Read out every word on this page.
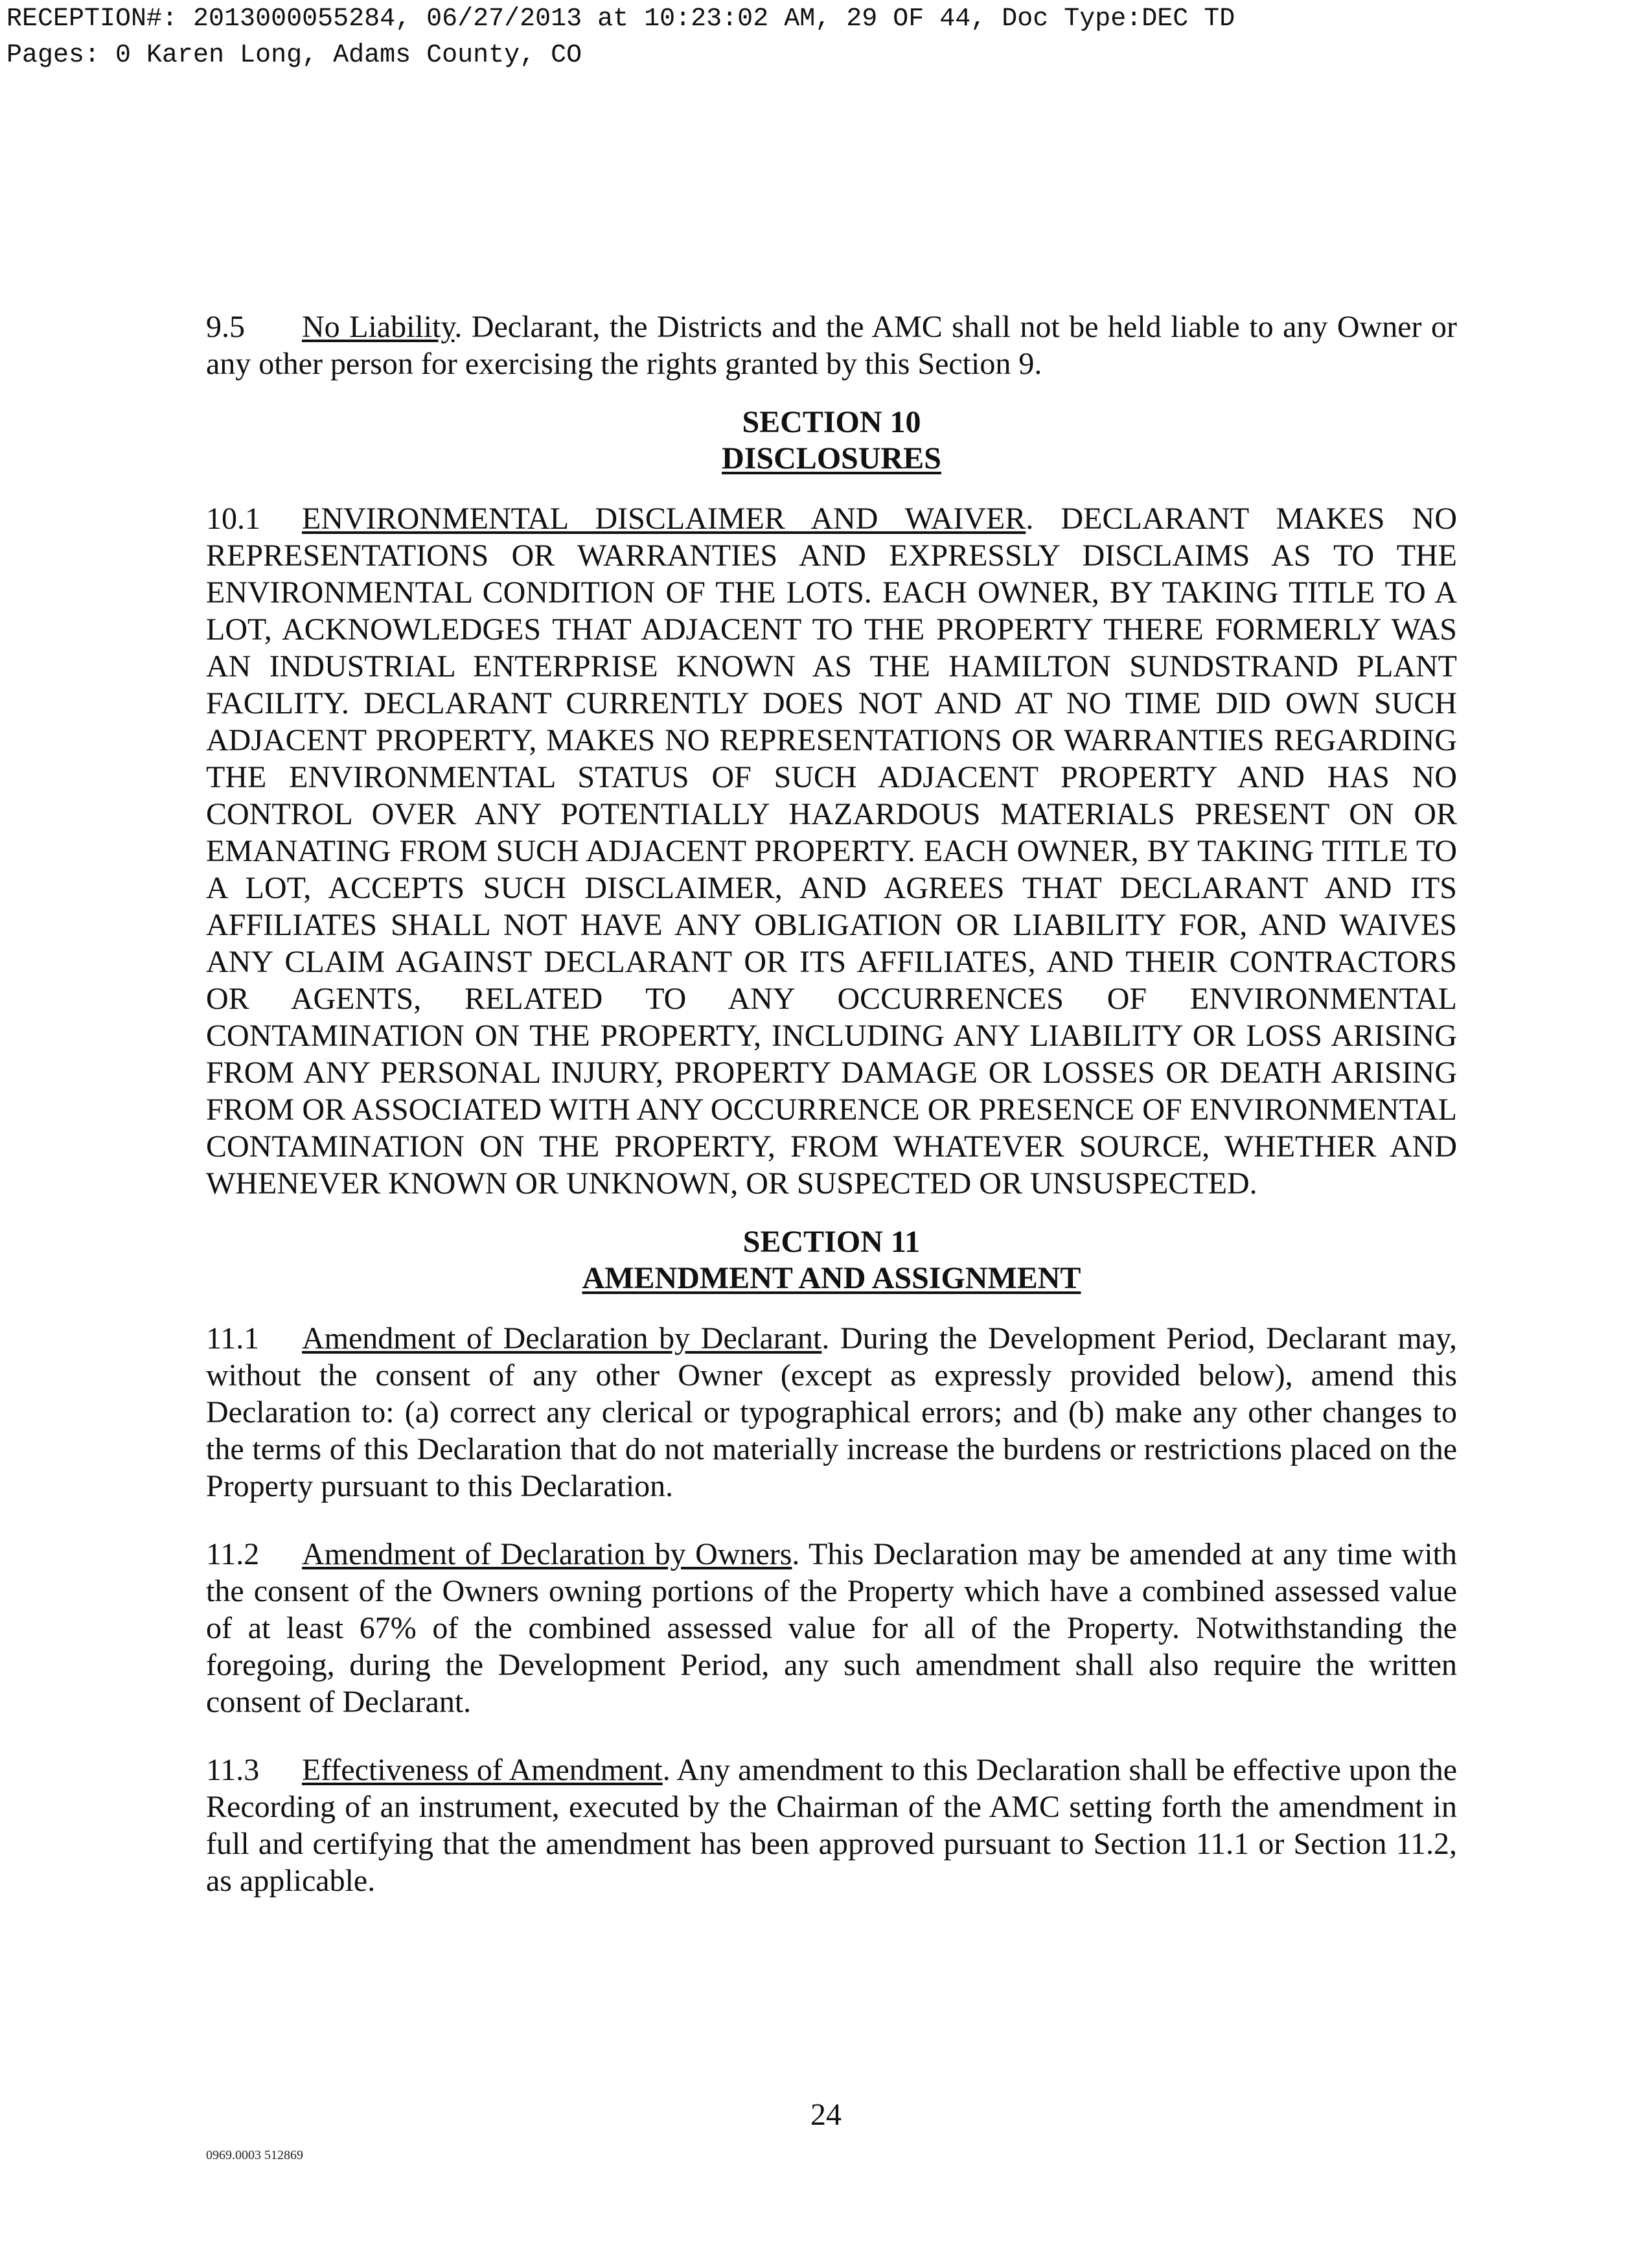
RECEPTION#: 2013000055284, 06/27/2013 at 10:23:02 AM, 29 OF 44, Doc Type:DEC TD
Pages: 0 Karen Long, Adams County, CO

9.5 No Liability. Declarant, the Districts and the AMC shall not be held liable to any Owner or any other person for exercising the rights granted by this Section 9.

SECTION 10

DISCLOSURES

10.1 ENVIRONMENTAL DISCLAIMER AND WAIVER. DECLARANT MAKES NO REPRESENTATIONS OR WARRANTIES AND EXPRESSLY DISCLAIMS AS TO THE ENVIRONMENTAL CONDITION OF THE LOTS. EACH OWNER, BY TAKING TITLE TO A LOT, ACKNOWLEDGES THAT ADJACENT TO THE PROPERTY THERE FORMERLY WAS AN INDUSTRIAL ENTERPRISE KNOWN AS THE HAMILTON SUNDSTRAND PLANT FACILITY. DECLARANT CURRENTLY DOES NOT AND AT NO TIME DID OWN SUCH ADJACENT PROPERTY, MAKES NO REPRESENTATIONS OR WARRANTIES REGARDING THE ENVIRONMENTAL STATUS OF SUCH ADJACENT PROPERTY AND HAS NO CONTROL OVER ANY POTENTIALLY HAZARDOUS MATERIALS PRESENT ON OR EMANATING FROM SUCH ADJACENT PROPERTY. EACH OWNER, BY TAKING TITLE TO A LOT, ACCEPTS SUCH DISCLAIMER, AND AGREES THAT DECLARANT AND ITS AFFILIATES SHALL NOT HAVE ANY OBLIGATION OR LIABILITY FOR, AND WAIVES ANY CLAIM AGAINST DECLARANT OR ITS AFFILIATES, AND THEIR CONTRACTORS OR AGENTS, RELATED TO ANY OCCURRENCES OF ENVIRONMENTAL CONTAMINATION ON THE PROPERTY, INCLUDING ANY LIABILITY OR LOSS ARISING FROM ANY PERSONAL INJURY, PROPERTY DAMAGE OR LOSSES OR DEATH ARISING FROM OR ASSOCIATED WITH ANY OCCURRENCE OR PRESENCE OF ENVIRONMENTAL CONTAMINATION ON THE PROPERTY, FROM WHATEVER SOURCE, WHETHER AND WHENEVER KNOWN OR UNKNOWN, OR SUSPECTED OR UNSUSPECTED.

SECTION 11

AMENDMENT AND ASSIGNMENT

11.1 Amendment of Declaration by Declarant. During the Development Period, Declarant may, without the consent of any other Owner (except as expressly provided below), amend this Declaration to: (a) correct any clerical or typographical errors; and (b) make any other changes to the terms of this Declaration that do not materially increase the burdens or restrictions placed on the Property pursuant to this Declaration.

11.2 Amendment of Declaration by Owners. This Declaration may be amended at any time with the consent of the Owners owning portions of the Property which have a combined assessed value of at least 67% of the combined assessed value for all of the Property. Notwithstanding the foregoing, during the Development Period, any such amendment shall also require the written consent of Declarant.

11.3 Effectiveness of Amendment. Any amendment to this Declaration shall be effective upon the Recording of an instrument, executed by the Chairman of the AMC setting forth the amendment in full and certifying that the amendment has been approved pursuant to Section 11.1 or Section 11.2, as applicable.

24
0969.0003 512869
